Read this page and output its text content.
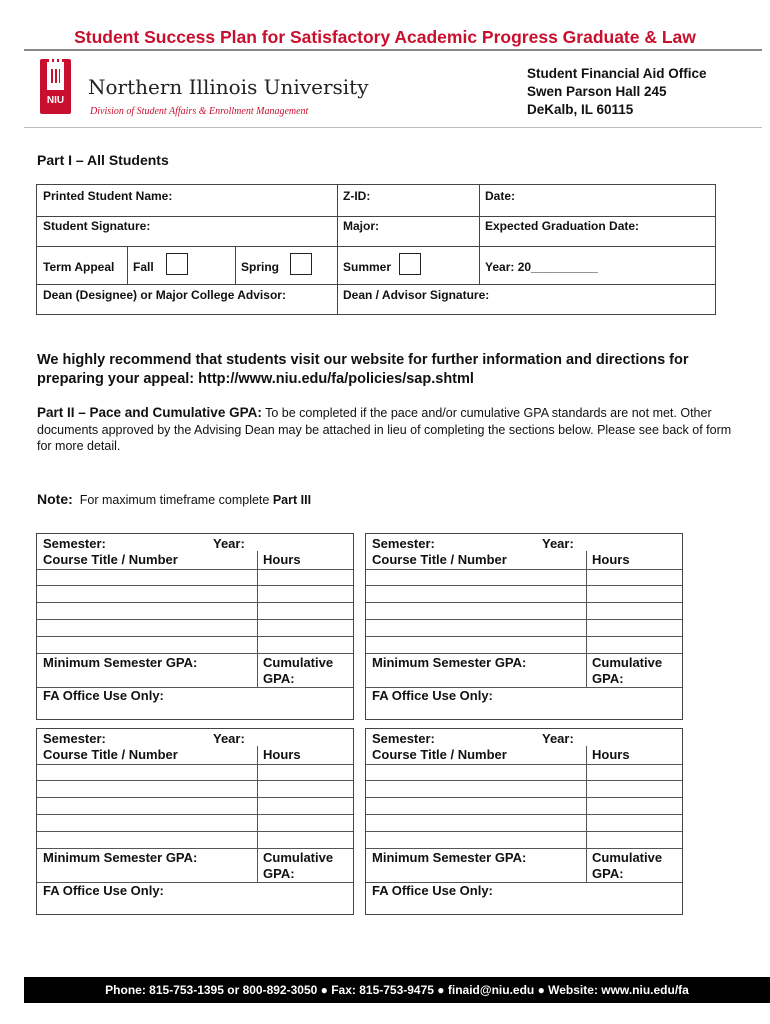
Student Success Plan for Satisfactory Academic Progress Graduate & Law
NIU
Northern Illinois University
Division of Student Affairs & Enrollment Management
Student Financial Aid Office
Swen Parson Hall 245
DeKalb, IL 60115
Part I – All Students
Printed Student Name:	Z-ID:	Date:
Student Signature:	Major:	Expected Graduation Date:
Term Appeal	Fall	Spring	Summer	Year: 20__________
Dean (Designee) or Major College Advisor:	Dean / Advisor Signature:
We highly recommend that students visit our website for further information and directions for preparing your appeal: http://www.niu.edu/fa/policies/sap.shtml
Part II – Pace and Cumulative GPA: To be completed if the pace and/or cumulative GPA standards are not met. Other documents approved by the Advising Dean may be attached in lieu of completing the sections below. Please see back of form for more detail.
Note: For maximum timeframe complete Part III
Semester:	Year:
Course Title / Number	Hours
Minimum Semester GPA:	Cumulative
GPA:
FA Office Use Only:
Semester:	Year:
Course Title / Number	Hours
Minimum Semester GPA:	Cumulative
GPA:
FA Office Use Only:
Semester:	Year:
Course Title / Number	Hours
Minimum Semester GPA:	Cumulative
GPA:
FA Office Use Only:
Semester:	Year:
Course Title / Number	Hours
Minimum Semester GPA:	Cumulative
GPA:
FA Office Use Only:
Phone: 815-753-1395 or 800-892-3050 ● Fax: 815-753-9475 ● finaid@niu.edu ● Website: www.niu.edu/fa
